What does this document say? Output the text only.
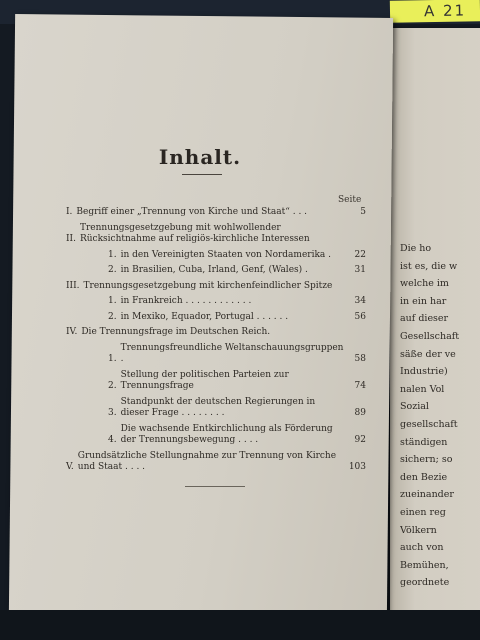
A 21
Die ho
ist es, die w
welche im
in ein har
auf dieser
Gesellschaft
säße der ve
Industrie)
nalen Vol
Sozial
gesellschaft
ständigen
sichern; so
den Bezie
zueinander
einen reg
Völkern
auch von
Bemühen,
geordnete
Inhalt.
Seite
I. Begriff einer „Trennung von Kirche und Staat“ . . .	5
II.
Trennungsgesetzgebung mit wohlwollender Rücksichtnahme auf religiös-kirchliche Interessen
1. in den Vereinigten Staaten von Nordamerika .	22
2. in Brasilien, Cuba, Irland, Genf, (Wales) .	31
III. Trennungsgesetzgebung mit kirchenfeindlicher Spitze
1. in Frankreich . . . . . . . . . . . .	34
2. in Mexiko, Equador, Portugal . . . . . .	56
IV. Die Trennungsfrage im Deutschen Reich.
1.
Trennungsfreundliche Weltanschauungsgruppen .	58
2.
Stellung der politischen Parteien zur Trennungsfrage	74
3.
Standpunkt der deutschen Regierungen in dieser Frage . . . . . . . .	89
4.
Die wachsende Entkirchlichung als Förderung der Trennungsbewegung . . . .	92
V.
Grundsätzliche Stellungnahme zur Trennung von Kirche und Staat . . . .	103
